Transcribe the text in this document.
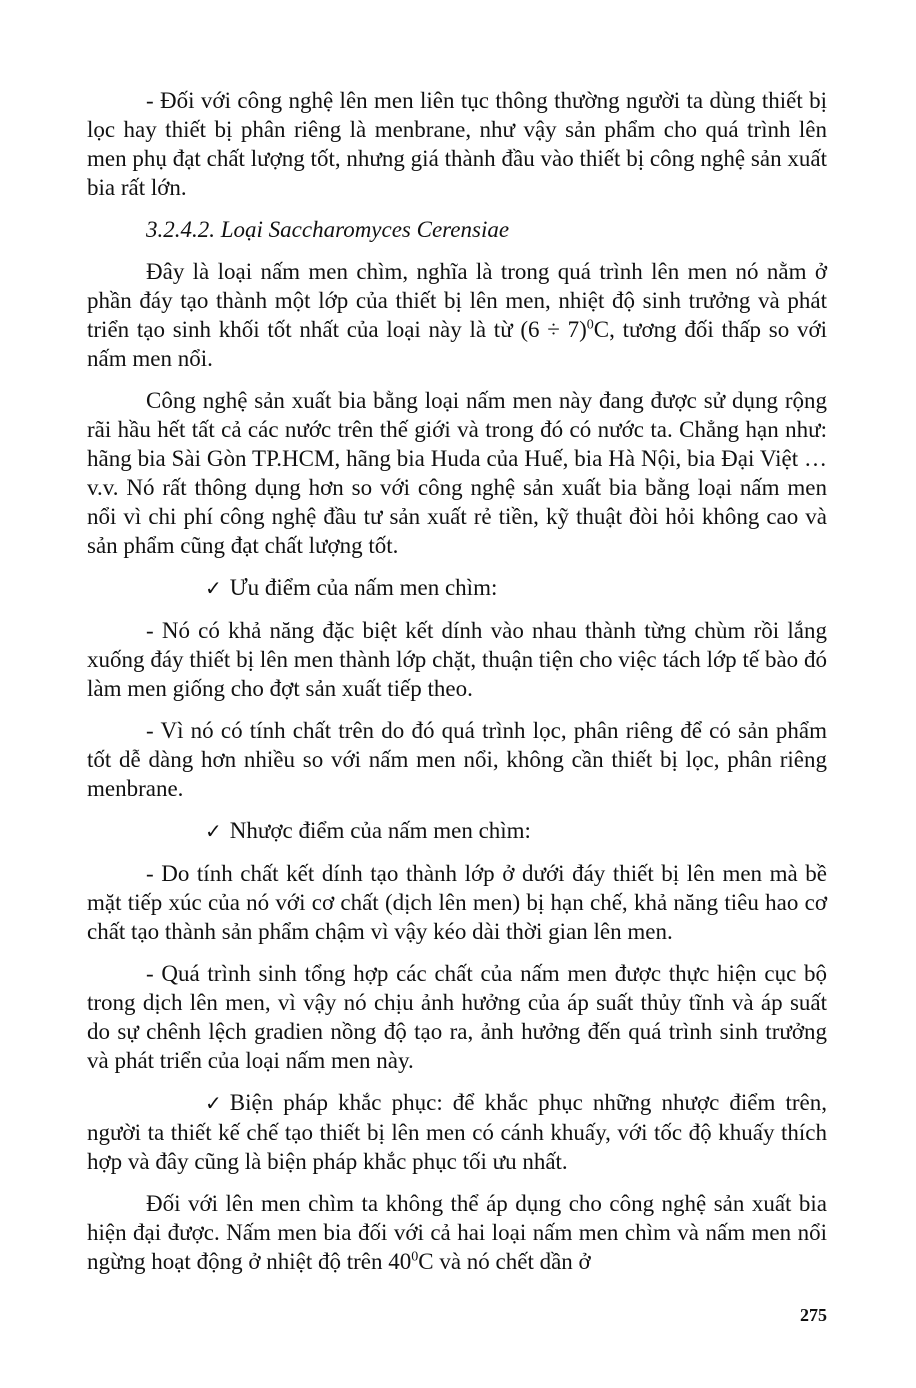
- Đối với công nghệ lên men liên tục thông thường người ta dùng thiết bị lọc hay thiết bị phân riêng là menbrane, như vậy sản phẩm cho quá trình lên men phụ đạt chất lượng tốt, nhưng giá thành đầu vào thiết bị công nghệ sản xuất bia rất lớn.

3.2.4.2. Loại Saccharomyces Cerensiae

Đây là loại nấm men chìm, nghĩa là trong quá trình lên men nó nằm ở phần đáy tạo thành một lớp của thiết bị lên men, nhiệt độ sinh trưởng và phát triển tạo sinh khối tốt nhất của loại này là từ $(6 \div 7)^0C$, tương đối thấp so với nấm men nổi.

Công nghệ sản xuất bia bằng loại nấm men này đang được sử dụng rộng rãi hầu hết tất cả các nước trên thế giới và trong đó có nước ta. Chẳng hạn như: hãng bia Sài Gòn TP.HCM, hãng bia Huda của Huế, bia Hà Nội, bia Đại Việt …v.v. Nó rất thông dụng hơn so với công nghệ sản xuất bia bằng loại nấm men nổi vì chi phí công nghệ đầu tư sản xuất rẻ tiền, kỹ thuật đòi hỏi không cao và sản phẩm cũng đạt chất lượng tốt.

✓ Ưu điểm của nấm men chìm:

- Nó có khả năng đặc biệt kết dính vào nhau thành từng chùm rồi lắng xuống đáy thiết bị lên men thành lớp chặt, thuận tiện cho việc tách lớp tế bào đó làm men giống cho đợt sản xuất tiếp theo.

- Vì nó có tính chất trên do đó quá trình lọc, phân riêng để có sản phẩm tốt dễ dàng hơn nhiều so với nấm men nổi, không cần thiết bị lọc, phân riêng menbrane.

✓ Nhược điểm của nấm men chìm:

- Do tính chất kết dính tạo thành lớp ở dưới đáy thiết bị lên men mà bề mặt tiếp xúc của nó với cơ chất (dịch lên men) bị hạn chế, khả năng tiêu hao cơ chất tạo thành sản phẩm chậm vì vậy kéo dài thời gian lên men.

- Quá trình sinh tổng hợp các chất của nấm men được thực hiện cục bộ trong dịch lên men, vì vậy nó chịu ảnh hưởng của áp suất thủy tĩnh và áp suất do sự chênh lệch gradien nồng độ tạo ra, ảnh hưởng đến quá trình sinh trưởng và phát triển của loại nấm men này.

✓ Biện pháp khắc phục: để khắc phục những nhược điểm trên, người ta thiết kế chế tạo thiết bị lên men có cánh khuấy, với tốc độ khuấy thích hợp và đây cũng là biện pháp khắc phục tối ưu nhất.

Đối với lên men chìm ta không thể áp dụng cho công nghệ sản xuất bia hiện đại được. Nấm men bia đối với cả hai loại nấm men chìm và nấm men nổi ngừng hoạt động ở nhiệt độ trên $40^0C$ và nó chết dần ở

275
